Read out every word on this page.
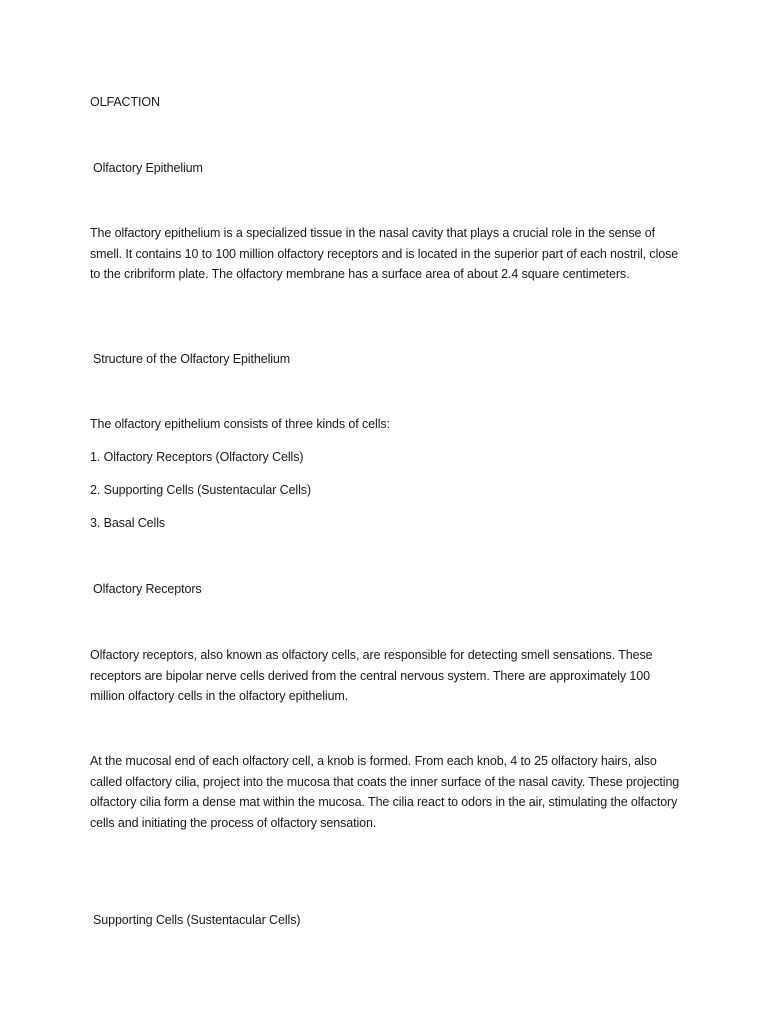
OLFACTION

Olfactory Epithelium

The olfactory epithelium is a specialized tissue in the nasal cavity that plays a crucial role in the sense of smell. It contains 10 to 100 million olfactory receptors and is located in the superior part of each nostril, close to the cribriform plate. The olfactory membrane has a surface area of about 2.4 square centimeters.

Structure of the Olfactory Epithelium

The olfactory epithelium consists of three kinds of cells:

1. Olfactory Receptors (Olfactory Cells)

2. Supporting Cells (Sustentacular Cells)

3. Basal Cells

Olfactory Receptors

Olfactory receptors, also known as olfactory cells, are responsible for detecting smell sensations. These receptors are bipolar nerve cells derived from the central nervous system. There are approximately 100 million olfactory cells in the olfactory epithelium.

At the mucosal end of each olfactory cell, a knob is formed. From each knob, 4 to 25 olfactory hairs, also called olfactory cilia, project into the mucosa that coats the inner surface of the nasal cavity. These projecting olfactory cilia form a dense mat within the mucosa. The cilia react to odors in the air, stimulating the olfactory cells and initiating the process of olfactory sensation.

Supporting Cells (Sustentacular Cells)
